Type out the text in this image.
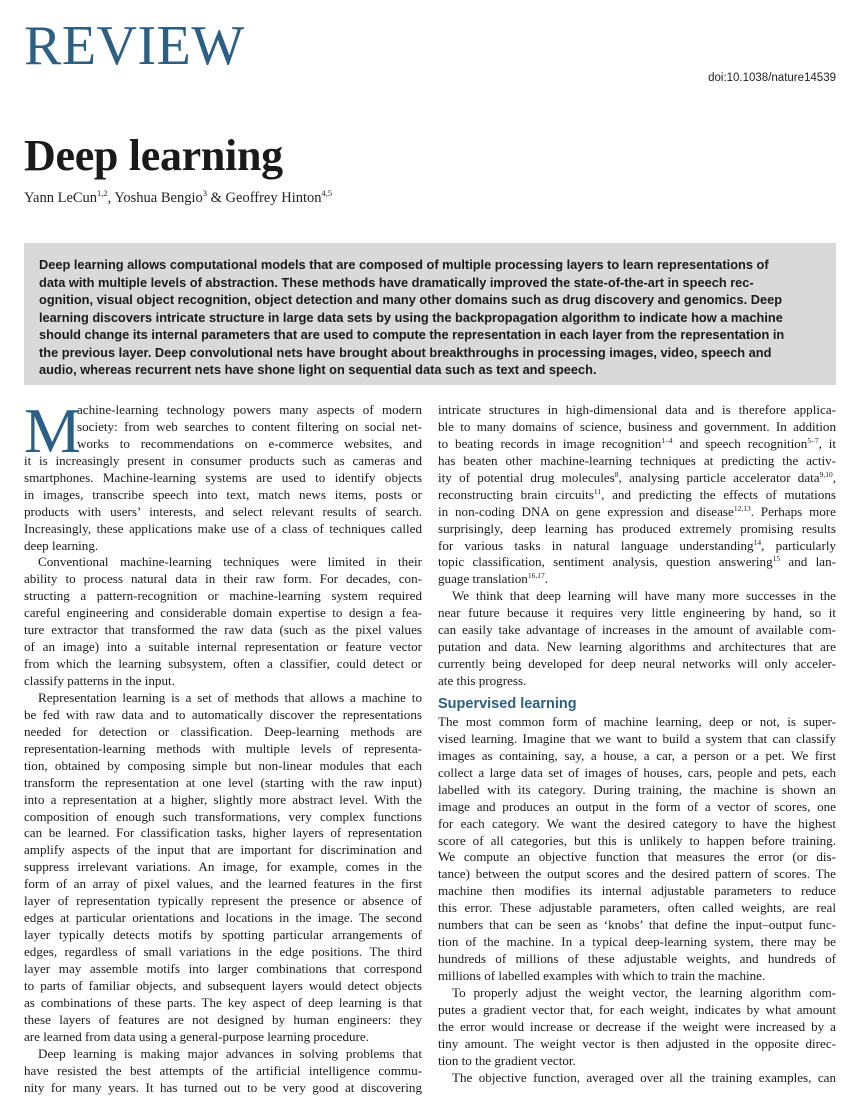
REVIEW
doi:10.1038/nature14539
Deep learning
Yann LeCun$^{1,2}$, Yoshua Bengio$^3$ & Geoffrey Hinton$^{4,5}$
Deep learning allows computational models that are composed of multiple processing layers to learn representations of
data with multiple levels of abstraction. These methods have dramatically improved the state-of-the-art in speech rec-
ognition, visual object recognition, object detection and many other domains such as drug discovery and genomics. Deep
learning discovers intricate structure in large data sets by using the backpropagation algorithm to indicate how a machine
should change its internal parameters that are used to compute the representation in each layer from the representation in
the previous layer. Deep convolutional nets have brought about breakthroughs in processing images, video, speech and
audio, whereas recurrent nets have shone light on sequential data such as text and speech.
M
achine-learning technology powers many aspects of modern
society: from web searches to content filtering on social net-
works to recommendations on e-commerce websites, and
it is increasingly present in consumer products such as cameras and
smartphones. Machine-learning systems are used to identify objects
in images, transcribe speech into text, match news items, posts or
products with users’ interests, and select relevant results of search.
Increasingly, these applications make use of a class of techniques called
deep learning.
Conventional machine-learning techniques were limited in their
ability to process natural data in their raw form. For decades, con-
structing a pattern-recognition or machine-learning system required
careful engineering and considerable domain expertise to design a fea-
ture extractor that transformed the raw data (such as the pixel values
of an image) into a suitable internal representation or feature vector
from which the learning subsystem, often a classifier, could detect or
classify patterns in the input.
Representation learning is a set of methods that allows a machine to
be fed with raw data and to automatically discover the representations
needed for detection or classification. Deep-learning methods are
representation-learning methods with multiple levels of representa-
tion, obtained by composing simple but non-linear modules that each
transform the representation at one level (starting with the raw input)
into a representation at a higher, slightly more abstract level. With the
composition of enough such transformations, very complex functions
can be learned. For classification tasks, higher layers of representation
amplify aspects of the input that are important for discrimination and
suppress irrelevant variations. An image, for example, comes in the
form of an array of pixel values, and the learned features in the first
layer of representation typically represent the presence or absence of
edges at particular orientations and locations in the image. The second
layer typically detects motifs by spotting particular arrangements of
edges, regardless of small variations in the edge positions. The third
layer may assemble motifs into larger combinations that correspond
to parts of familiar objects, and subsequent layers would detect objects
as combinations of these parts. The key aspect of deep learning is that
these layers of features are not designed by human engineers: they
are learned from data using a general-purpose learning procedure.
Deep learning is making major advances in solving problems that
have resisted the best attempts of the artificial intelligence commu-
nity for many years. It has turned out to be very good at discovering
intricate structures in high-dimensional data and is therefore applica-
ble to many domains of science, business and government. In addition
to beating records in image recognition$^{1-4}$ and speech recognition$^{5-7}$, it
has beaten other machine-learning techniques at predicting the activ-
ity of potential drug molecules$^8$, analysing particle accelerator data$^{9,10}$,
reconstructing brain circuits$^{11}$, and predicting the effects of mutations
in non-coding DNA on gene expression and disease$^{12,13}$. Perhaps more
surprisingly, deep learning has produced extremely promising results
for various tasks in natural language understanding$^{14}$, particularly
topic classification, sentiment analysis, question answering$^{15}$ and lan-
guage translation$^{16,17}$.
We think that deep learning will have many more successes in the
near future because it requires very little engineering by hand, so it
can easily take advantage of increases in the amount of available com-
putation and data. New learning algorithms and architectures that are
currently being developed for deep neural networks will only acceler-
ate this progress.
Supervised learning
The most common form of machine learning, deep or not, is super-
vised learning. Imagine that we want to build a system that can classify
images as containing, say, a house, a car, a person or a pet. We first
collect a large data set of images of houses, cars, people and pets, each
labelled with its category. During training, the machine is shown an
image and produces an output in the form of a vector of scores, one
for each category. We want the desired category to have the highest
score of all categories, but this is unlikely to happen before training.
We compute an objective function that measures the error (or dis-
tance) between the output scores and the desired pattern of scores. The
machine then modifies its internal adjustable parameters to reduce
this error. These adjustable parameters, often called weights, are real
numbers that can be seen as ‘knobs’ that define the input–output func-
tion of the machine. In a typical deep-learning system, there may be
hundreds of millions of these adjustable weights, and hundreds of
millions of labelled examples with which to train the machine.
To properly adjust the weight vector, the learning algorithm com-
putes a gradient vector that, for each weight, indicates by what amount
the error would increase or decrease if the weight were increased by a
tiny amount. The weight vector is then adjusted in the opposite direc-
tion to the gradient vector.
The objective function, averaged over all the training examples, can
